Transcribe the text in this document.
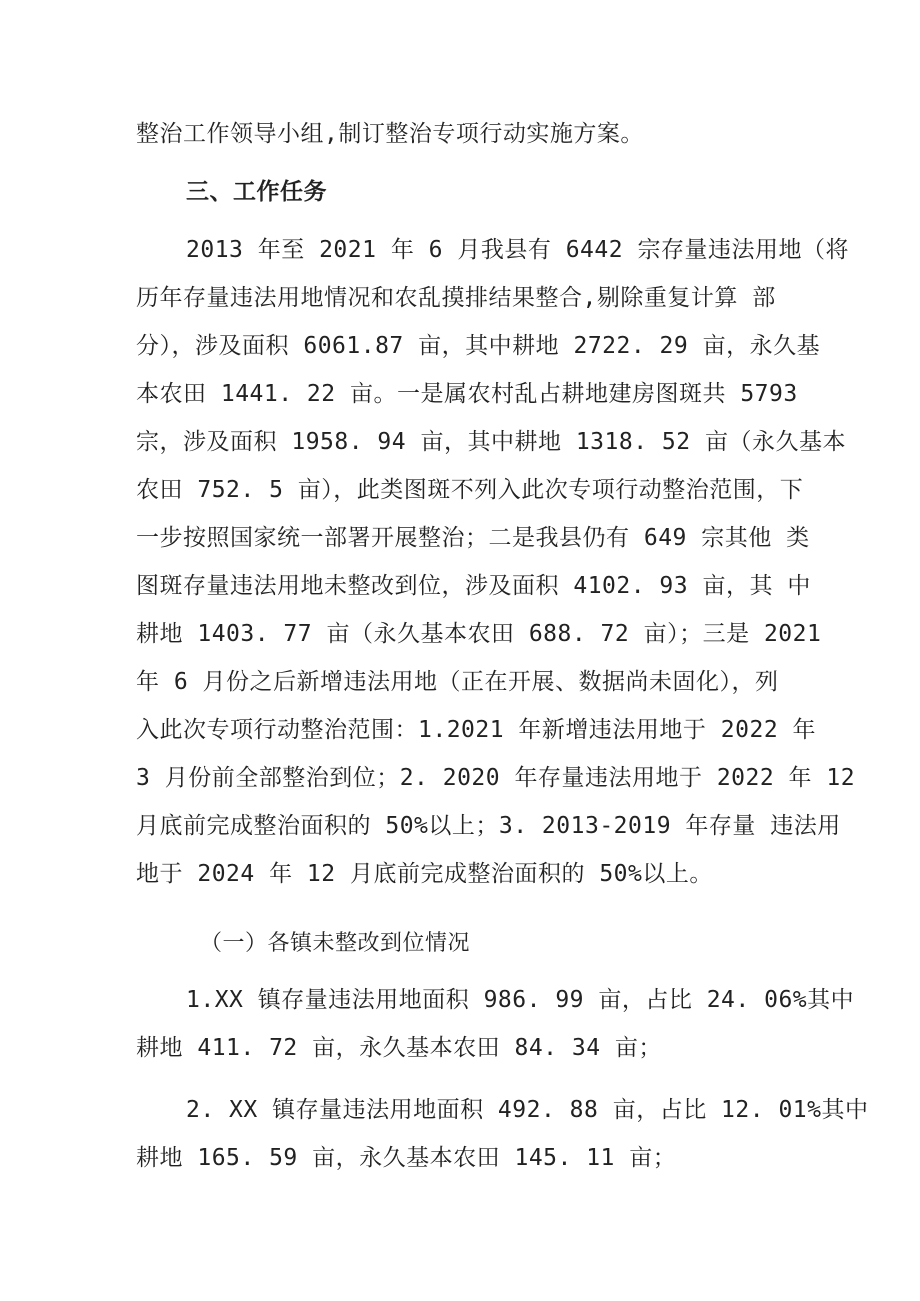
整治工作领导小组,制订整治专项行动实施方案。
三、工作任务
2013 年至 2021 年 6 月我县有 6442 宗存量违法用地（将
历年存量违法用地情况和农乱摸排结果整合,剔除重复计算 部
分），涉及面积 6061.87 亩，其中耕地 2722. 29 亩，永久基
本农田 1441. 22 亩。一是属农村乱占耕地建房图斑共 5793
宗，涉及面积 1958. 94 亩，其中耕地 1318. 52 亩（永久基本
农田 752. 5 亩），此类图斑不列入此次专项行动整治范围，下
一步按照国家统一部署开展整治；二是我县仍有 649 宗其他 类
图斑存量违法用地未整改到位，涉及面积 4102. 93 亩，其 中
耕地 1403. 77 亩（永久基本农田 688. 72 亩）；三是 2021
年 6 月份之后新增违法用地（正在开展、数据尚未固化），列
入此次专项行动整治范围：1.2021 年新增违法用地于 2022 年
3 月份前全部整治到位；2. 2020 年存量违法用地于 2022 年 12
月底前完成整治面积的 50%以上；3. 2013-2019 年存量 违法用
地于 2024 年 12 月底前完成整治面积的 50%以上。
（一）各镇未整改到位情况
1.XX 镇存量违法用地面积 986. 99 亩，占比 24. 06%其中
耕地 411. 72 亩，永久基本农田 84. 34 亩；
2. XX 镇存量违法用地面积 492. 88 亩，占比 12. 01%其中
耕地 165. 59 亩，永久基本农田 145. 11 亩；
